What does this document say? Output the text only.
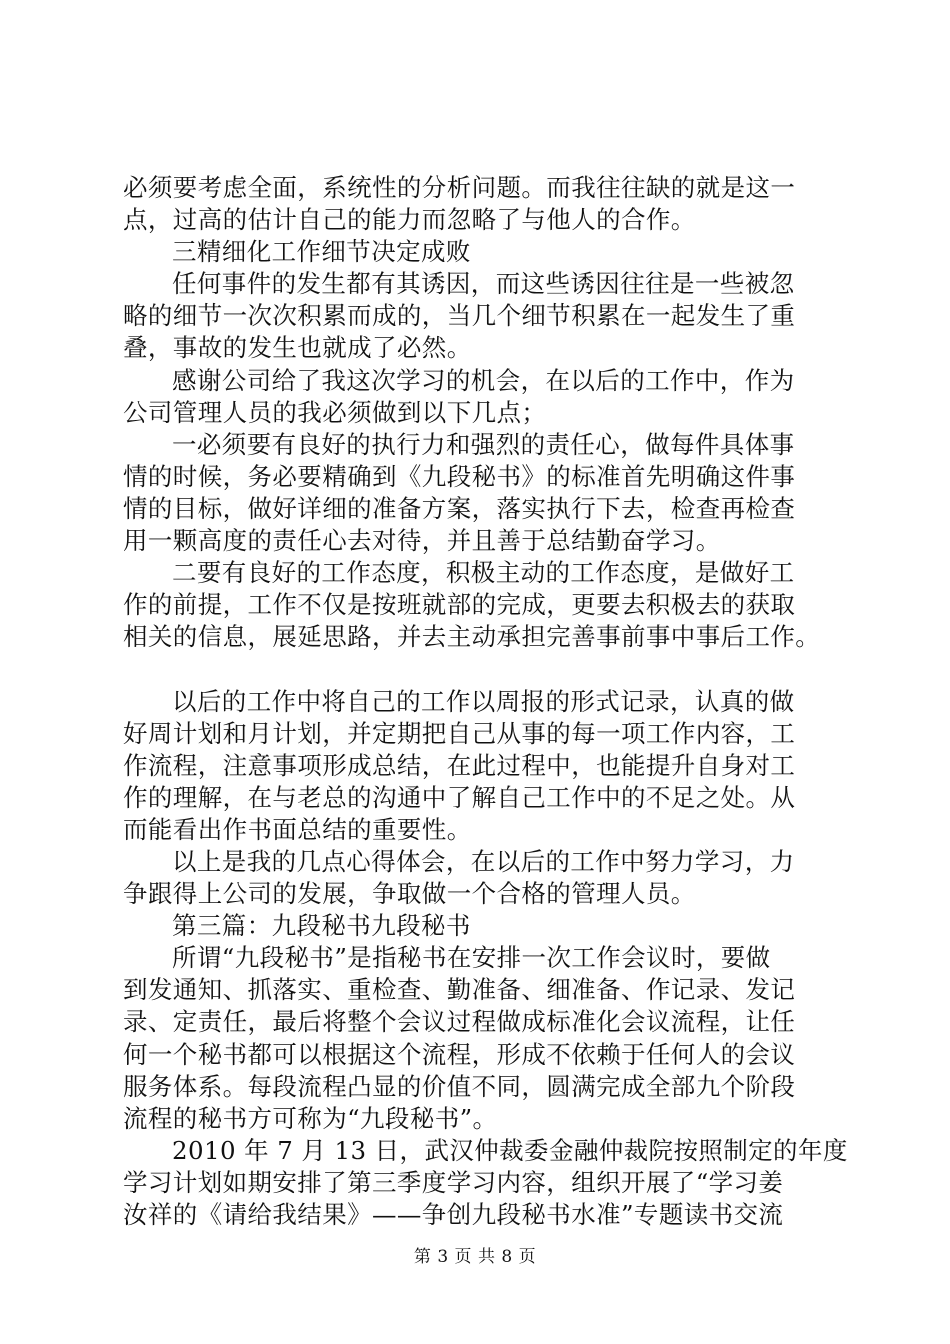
必须要考虑全面，系统性的分析问题。而我往往缺的就是这一
点，过高的估计自己的能力而忽略了与他人的合作。
三精细化工作细节决定成败
任何事件的发生都有其诱因，而这些诱因往往是一些被忽
略的细节一次次积累而成的，当几个细节积累在一起发生了重
叠，事故的发生也就成了必然。
感谢公司给了我这次学习的机会，在以后的工作中，作为
公司管理人员的我必须做到以下几点；
一必须要有良好的执行力和强烈的责任心，做每件具体事
情的时候，务必要精确到《九段秘书》的标准首先明确这件事
情的目标，做好详细的准备方案，落实执行下去，检查再检查
用一颗高度的责任心去对待，并且善于总结勤奋学习。
二要有良好的工作态度，积极主动的工作态度，是做好工
作的前提，工作不仅是按班就部的完成，更要去积极去的获取
相关的信息，展延思路，并去主动承担完善事前事中事后工作。
以后的工作中将自己的工作以周报的形式记录，认真的做
好周计划和月计划，并定期把自己从事的每一项工作内容，工
作流程，注意事项形成总结，在此过程中，也能提升自身对工
作的理解，在与老总的沟通中了解自己工作中的不足之处。从
而能看出作书面总结的重要性。
以上是我的几点心得体会，在以后的工作中努力学习，力
争跟得上公司的发展，争取做一个合格的管理人员。
第三篇：九段秘书九段秘书
所谓“九段秘书”是指秘书在安排一次工作会议时，要做
到发通知、抓落实、重检查、勤准备、细准备、作记录、发记
录、定责任，最后将整个会议过程做成标准化会议流程，让任
何一个秘书都可以根据这个流程，形成不依赖于任何人的会议
服务体系。每段流程凸显的价值不同，圆满完成全部九个阶段
流程的秘书方可称为“九段秘书”。
2010 年 7 月 13 日，武汉仲裁委金融仲裁院按照制定的年度
学习计划如期安排了第三季度学习内容，组织开展了“学习姜
汝祥的《请给我结果》——争创九段秘书水准”专题读书交流
第 3 页 共 8 页
